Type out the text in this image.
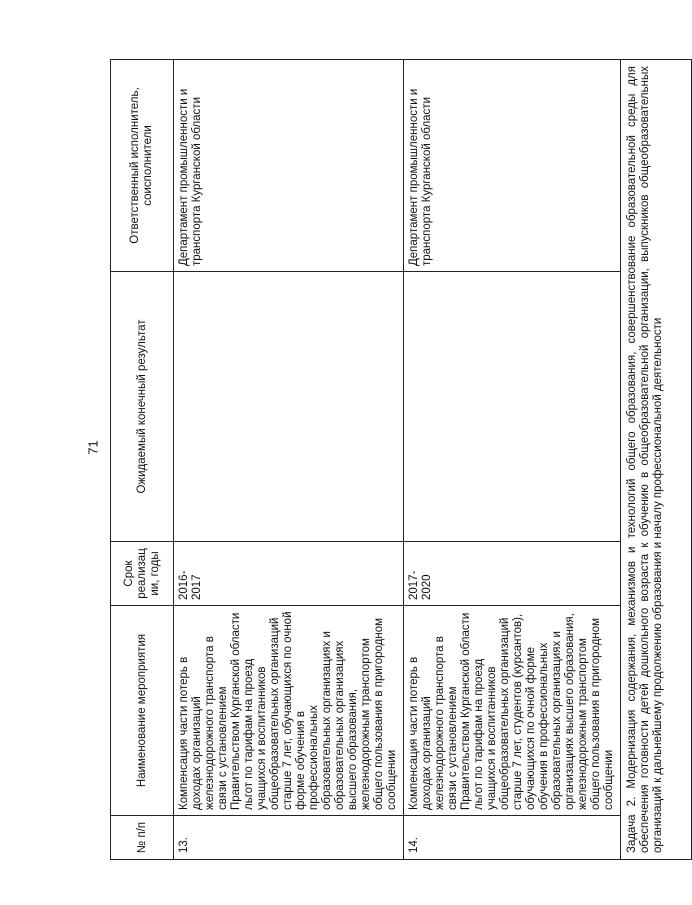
71
№ п/п	Наименование мероприятия	Срок реализации, годы	Ожидаемый конечный результат	Ответственный исполнитель, соисполнители
13.	Компенсация части потерь в доходах организаций железнодорожного транспорта в связи с установлением Правительством Курганской области льгот по тарифам на проезд учащихся и воспитанников общеобразовательных организаций старше 7 лет, обучающихся по очной форме обучения в профессиональных образовательных организациях и образовательных организациях высшего образования, железнодорожным транспортом общего пользования в пригородном сообщении	2016-2017		Департамент промышленности и транспорта Курганской области
14.	Компенсация части потерь в доходах организаций железнодорожного транспорта в связи с установлением Правительством Курганской области льгот по тарифам на проезд учащихся и воспитанников общеобразовательных организаций старше 7 лет, студентов (курсантов), обучающихся по очной форме обучения в профессиональных образовательных организациях и организациях высшего образования, железнодорожным транспортом общего пользования в пригородном сообщении	2017-2020		Департамент промышленности и транспорта Курганской области
Задача 2. Модернизация содержания, механизмов и технологий общего образования, совершенствование образовательной среды для обеспечения готовности детей дошкольного возраста к обучению в общеобразовательной организации, выпускников общеобразовательных организаций к дальнейшему продолжению образования и началу профессиональной деятельности				
